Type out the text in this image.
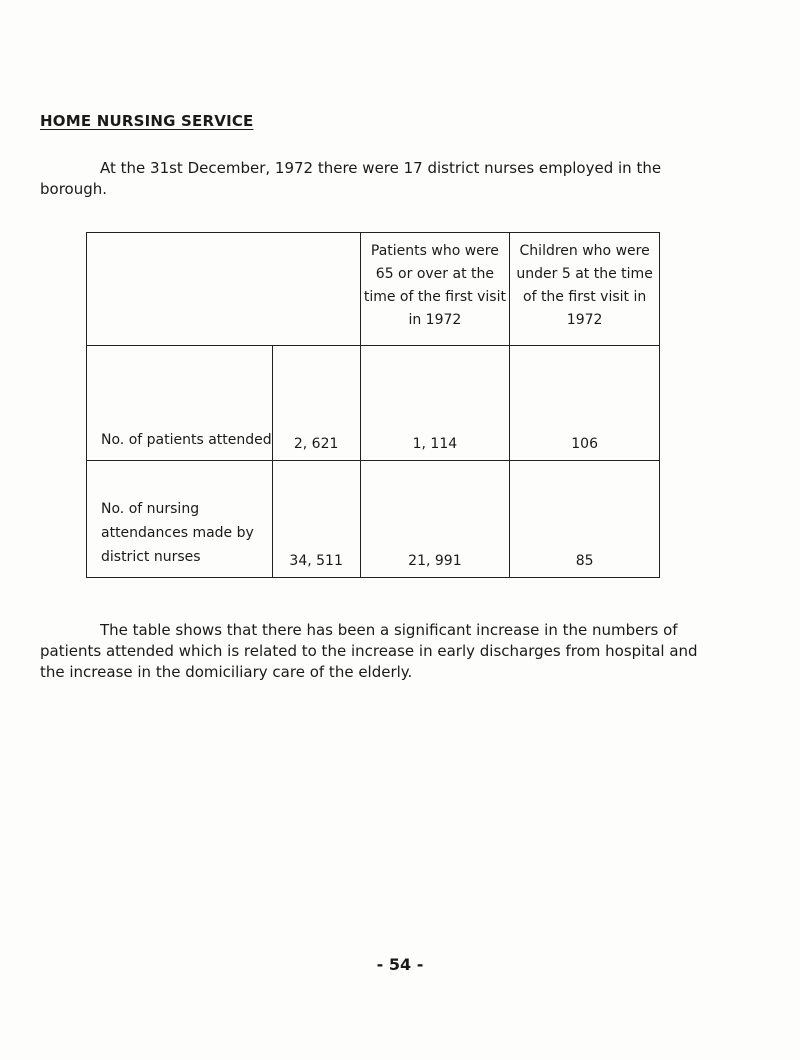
HOME NURSING SERVICE
At the 31st December, 1972 there were 17 district nurses employed in the borough.
		Patients who were 65 or over at the time of the first visit in 1972	Children who were under 5 at the time of the first visit in 1972
No. of patients attended	2, 621	1, 114	106
No. of nursing attendances made by district nurses	34, 511	21, 991	85
The table shows that there has been a significant increase in the numbers of patients attended which is related to the increase in early discharges from hospital and the increase in the domiciliary care of the elderly.
- 54 -
